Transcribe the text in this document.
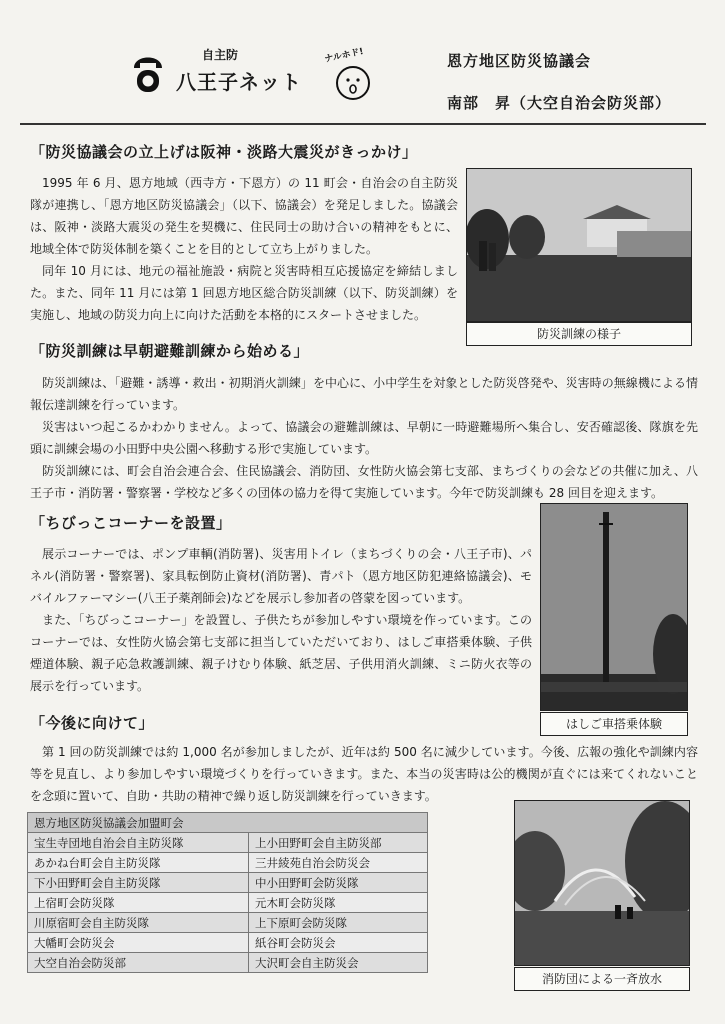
自主防
八王子ネット
ナルホド!	恩方地区防災協議会
南部　昇（大空自治会防災部）
「防災協議会の立上げは阪神・淡路大震災がきっかけ」
1995 年 6 月、恩方地域（西寺方・下恩方）の 11 町会・自治会の自主防災隊が連携し、「恩方地区防災協議会」（以下、協議会）を発足しました。協議会は、阪神・淡路大震災の発生を契機に、住民同士の助け合いの精神をもとに、地域全体で防災体制を築くことを目的として立ち上がりました。
同年 10 月には、地元の福祉施設・病院と災害時相互応援協定を締結しました。また、同年 11 月には第 1 回恩方地区総合防災訓練（以下、防災訓練）を実施し、地域の防災力向上に向けた活動を本格的にスタートさせました。
防災訓練の様子
「防災訓練は早朝避難訓練から始める」
防災訓練は、「避難・誘導・救出・初期消火訓練」を中心に、小中学生を対象とした防災啓発や、災害時の無線機による情報伝達訓練を行っています。
災害はいつ起こるかわかりません。よって、協議会の避難訓練は、早朝に一時避難場所へ集合し、安否確認後、隊旗を先頭に訓練会場の小田野中央公園へ移動する形で実施しています。
防災訓練には、町会自治会連合会、住民協議会、消防団、女性防火協会第七支部、まちづくりの会などの共催に加え、八王子市・消防署・警察署・学校など多くの団体の協力を得て実施しています。今年で防災訓練も 28 回目を迎えます。
「ちびっこコーナーを設置」
展示コーナーでは、ポンプ車輌(消防署)、災害用トイレ（まちづくりの会・八王子市)、パネル(消防署・警察署)、家具転倒防止資材(消防署)、青パト（恩方地区防犯連絡協議会)、モバイルファーマシー(八王子薬剤師会)などを展示し参加者の啓蒙を図っています。
また、「ちびっこコーナー」を設置し、子供たちが参加しやすい環境を作っています。このコーナーでは、女性防火協会第七支部に担当していただいており、はしご車搭乗体験、子供煙道体験、親子応急救護訓練、親子けむり体験、紙芝居、子供用消火訓練、ミニ防火衣等の展示を行っています。
はしご車搭乗体験
「今後に向けて」
第 1 回の防災訓練では約 1,000 名が参加しましたが、近年は約 500 名に減少しています。今後、広報の強化や訓練内容等を見直し、より参加しやすい環境づくりを行っていきます。また、本当の災害時は公的機関が直ぐには来てくれないことを念頭に置いて、自助・共助の精神で繰り返し防災訓練を行っていきます。
恩方地区防災協議会加盟町会	
宝生寺団地自治会自主防災隊	上小田野町会自主防災部
あかね台町会自主防災隊	三井綾苑自治会防災会
下小田野町会自主防災隊	中小田野町会防災隊
上宿町会防災隊	元木町会防災隊
川原宿町会自主防災隊	上下原町会防災隊
大幡町会防災会	紙谷町会防災会
大空自治会防災部	大沢町会自主防災会
消防団による一斉放水
